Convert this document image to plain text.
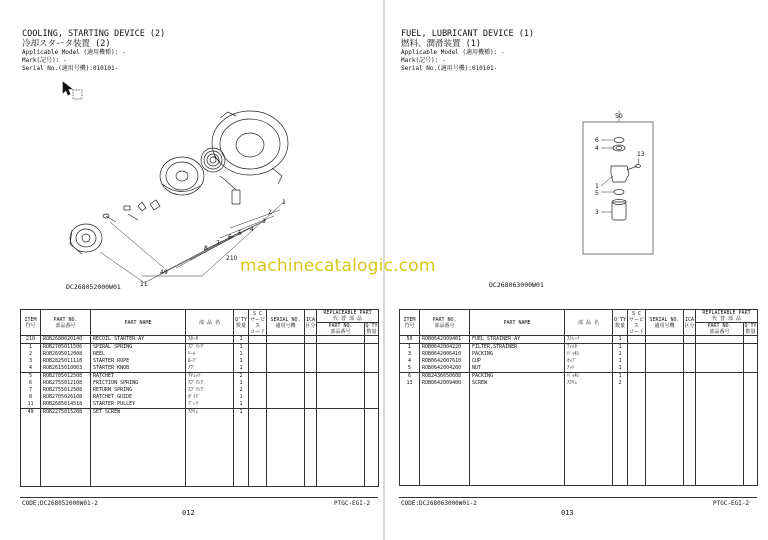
COOLING, STARTING DEVICE (2)
冷却スタータ装置 (2)
Applicable Model (適用機種): -
Mark(記号): -
Serial No.(適用号機):010101-
1
2
3
4
5
6
7
8
11
49
210
DC268052000W01
ITEM
符号	PART NO.
部品番号	PART NAME	部 品 名	Q'TY
数量	S C
サービス
コード	SERIAL NO.
適用号機	ICA
区分	REPLACEABLE PART
代 替 部 品	
								PART NO.
部品番号	Q'TY
数量
210	ROB2680020140	RECOIL STARTER AY	ｽﾀｰﾀ	1					
1	ROB2705011506	SPIRAL SPRING	ｽﾌﾟﾘﾝｸﾞ	1					
2	ROB2695012008	REEL	ﾘｰﾙ	1					
3	ROB2825011118	STARTER ROPE	ﾛｰﾌﾟ	1					
4	ROB2615010003	STARTER KNOB	ﾉﾌﾞ	1					
5	ROB2705012508	RATCHET	ﾗﾁｪｯﾄ	2					
6	ROB2755012108	FRICTION SPRING	ｽﾌﾟﾘﾝｸﾞ	1					
7	ROB2755012508	RETURN SPRING	ｽﾌﾟﾘﾝｸﾞ	2					
8	ROB2705026108	RATCHET GUIDE	ｶﾞｲﾄﾞ	1					
11	ROB2685014518	STARTER PULLEY	ﾌﾟｰﾘ	1					
49	ROB2275015208	SET SCREW	ｽｸﾘｭ	1					

CODE:DC268052000W01-2
012
PTGC-EGI-2
FUEL, LUBRICANT DEVICE (1)
燃料、潤滑装置 (1)
Applicable Model (適用機種): -
Mark(記号): -
Serial No.(適用号機):010101-
50
6
4
13
1
5
3
DC268063000W01
ITEM
符号	PART NO.
部品番号	PART NAME	部 品 名	Q'TY
数量	S C
サービス
コード	SERIAL NO.
適用号機	ICA
区分	REPLACEABLE PART
代 替 部 品	
								PART NO.
部品番号	Q'TY
数量
50	ROB0642009401	FUEL STRAINER AY	ｽﾄﾚｰﾅ	1					
1	ROB0642004220	FILTER,STRAINER	ﾌｨﾙﾀ	1					
3	ROB0642006410	PACKING	ﾊﾟｯｷﾝ	1					
4	ROB0642007610	CUP	ｶｯﾌﾟ	1					
5	ROB0642004260	NUT	ﾅｯﾄ	1					
6	ROB2436650608	PACKING	ﾊﾟｯｷﾝ	1					
13	ROB0642009400	SCREW	ｽｸﾘｭ	2					

CODE:DC268063000W01-2
013
PTGC-EGI-2
machinecatalogic.com
